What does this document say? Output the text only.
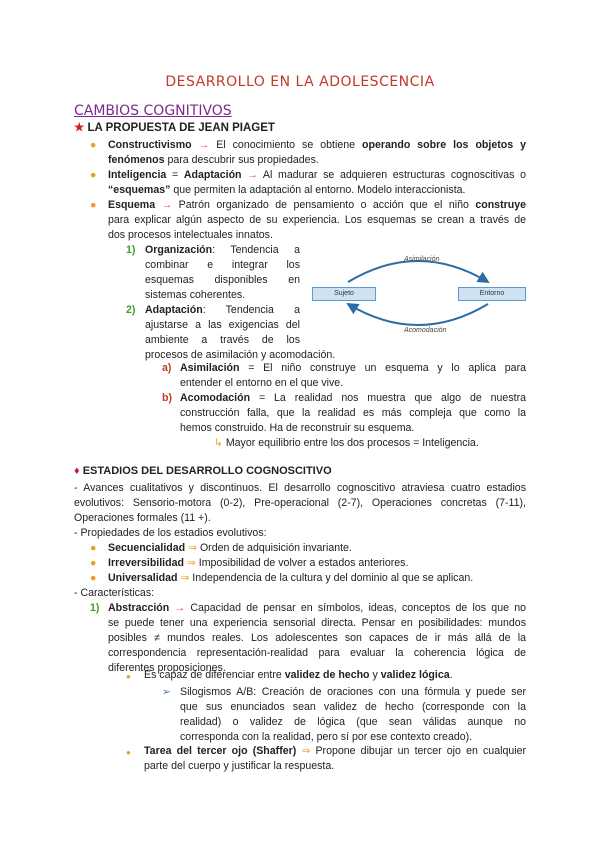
DESARROLLO EN LA ADOLESCENCIA
CAMBIOS COGNITIVOS
★ LA PROPUESTA DE JEAN PIAGET
● Constructivismo → El conocimiento se obtiene operando sobre los objetos y
fenómenos para descubrir sus propiedades.
● Inteligencia = Adaptación → Al madurar se adquieren estructuras cognoscitivas o
“esquemas” que permiten la adaptación al entorno. Modelo interaccionista.
● Esquema → Patrón organizado de pensamiento o acción que el niño construye
para explicar algún aspecto de su experiencia. Los esquemas se crean a través de
dos procesos intelectuales innatos.
1) Organización: Tendencia a
combinar e integrar los
esquemas disponibles en
sistemas coherentes.
2) Adaptación: Tendencia a
ajustarse a las exigencias del
ambiente a través de los
procesos de asimilación y acomodación.
Asimilación
Sujeto	Entorno
Acomodación
a) Asimilación = El niño construye un esquema y lo aplica para
entender el entorno en el que vive.
b) Acomodación = La realidad nos muestra que algo de nuestra
construcción falla, que la realidad es más compleja que como la
hemos construido. Ha de reconstruir su esquema.
↳ Mayor equilibrio entre los dos procesos = Inteligencia.
♦ ESTADIOS DEL DESARROLLO COGNOSCITIVO
- Avances cualitativos y discontinuos. El desarrollo cognoscitivo atraviesa cuatro estadios
evolutivos: Sensorio-motora (0-2), Pre-operacional (2-7), Operaciones concretas (7-11),
Operaciones formales (11 +).
- Propiedades de los estadios evolutivos:
● Secuencialidad ⇒ Orden de adquisición invariante.
● Irreversibilidad ⇒ Imposibilidad de volver a estados anteriores.
● Universalidad ⇒ Independencia de la cultura y del dominio al que se aplican.
- Características:
1) Abstracción → Capacidad de pensar en símbolos, ideas, conceptos de los que no
se puede tener una experiencia sensorial directa. Pensar en posibilidades: mundos
posibles ≠ mundos reales. Los adolescentes son capaces de ir más allá de la
correspondencia representación-realidad para evaluar la coherencia lógica de
diferentes proposiciones.
● Es capaz de diferenciar entre validez de hecho y validez lógica.
➢ Silogismos A/B: Creación de oraciones con una fórmula y puede ser
que sus enunciados sean validez de hecho (corresponde con la
realidad) o validez de lógica (que sean válidas aunque no
corresponda con la realidad, pero sí por ese contexto creado).
● Tarea del tercer ojo (Shaffer) ⇒ Propone dibujar un tercer ojo en cualquier
parte del cuerpo y justificar la respuesta.
